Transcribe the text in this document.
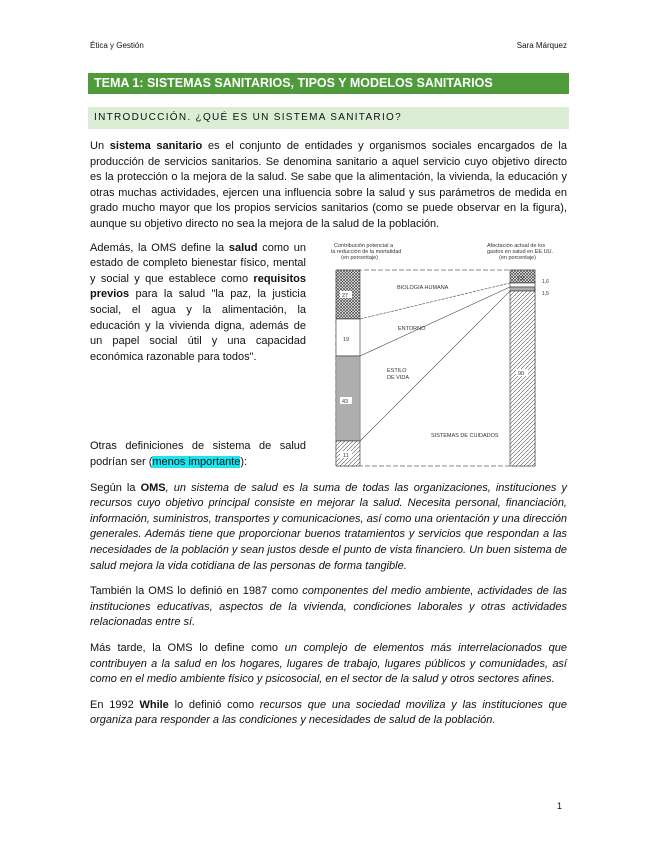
Ética y Gestión	Sara Márquez
TEMA 1: SISTEMAS SANITARIOS, TIPOS Y MODELOS SANITARIOS
INTRODUCCIÓN. ¿QUÉ ES UN SISTEMA SANITARIO?
Un sistema sanitario es el conjunto de entidades y organismos sociales encargados de la producción de servicios sanitarios. Se denomina sanitario a aquel servicio cuyo objetivo directo es la protección o la mejora de la salud. Se sabe que la alimentación, la vivienda, la educación y otras muchas actividades, ejercen una influencia sobre la salud y sus parámetros de medida en grado mucho mayor que los propios servicios sanitarios (como se puede observar en la figura), aunque su objetivo directo no sea la mejora de la salud de la población.
Además, la OMS define la salud como un estado de completo bienestar físico, mental y social y que establece como requisitos previos para la salud "la paz, la justicia social, el agua y la alimentación, la educación y la vivienda digna, además de un papel social útil y una capacidad económica razonable para todos".
Otras definiciones de sistema de salud podrían ser (menos importante):
Contribución potencial a
la reducción de la mortalidad
(en porcentaje)
Afectación actual de los
gastos en salud en EE.UU.
(en porcentaje)
27
19
43
11
7,9	1,6
1,5
90
BIOLOGIA HUMANA
ENTORNO
ESTILO
DE VIDA
SISTEMAS DE CUIDADOS
Según la OMS, un sistema de salud es la suma de todas las organizaciones, instituciones y recursos cuyo objetivo principal consiste en mejorar la salud. Necesita personal, financiación, información, suministros, transportes y comunicaciones, así como una orientación y una dirección generales. Además tiene que proporcionar buenos tratamientos y servicios que respondan a las necesidades de la población y sean justos desde el punto de vista financiero. Un buen sistema de salud mejora la vida cotidiana de las personas de forma tangible.
También la OMS lo definió en 1987 como componentes del medio ambiente, actividades de las instituciones educativas, aspectos de la vivienda, condiciones laborales y otras actividades relacionadas entre sí.
Más tarde, la OMS lo define como un complejo de elementos más interrelacionados que contribuyen a la salud en los hogares, lugares de trabajo, lugares públicos y comunidades, así como en el medio ambiente físico y psicosocial, en el sector de la salud y otros sectores afines.
En 1992 While lo definió como recursos que una sociedad moviliza y las instituciones que organiza para responder a las condiciones y necesidades de salud de la población.
1
